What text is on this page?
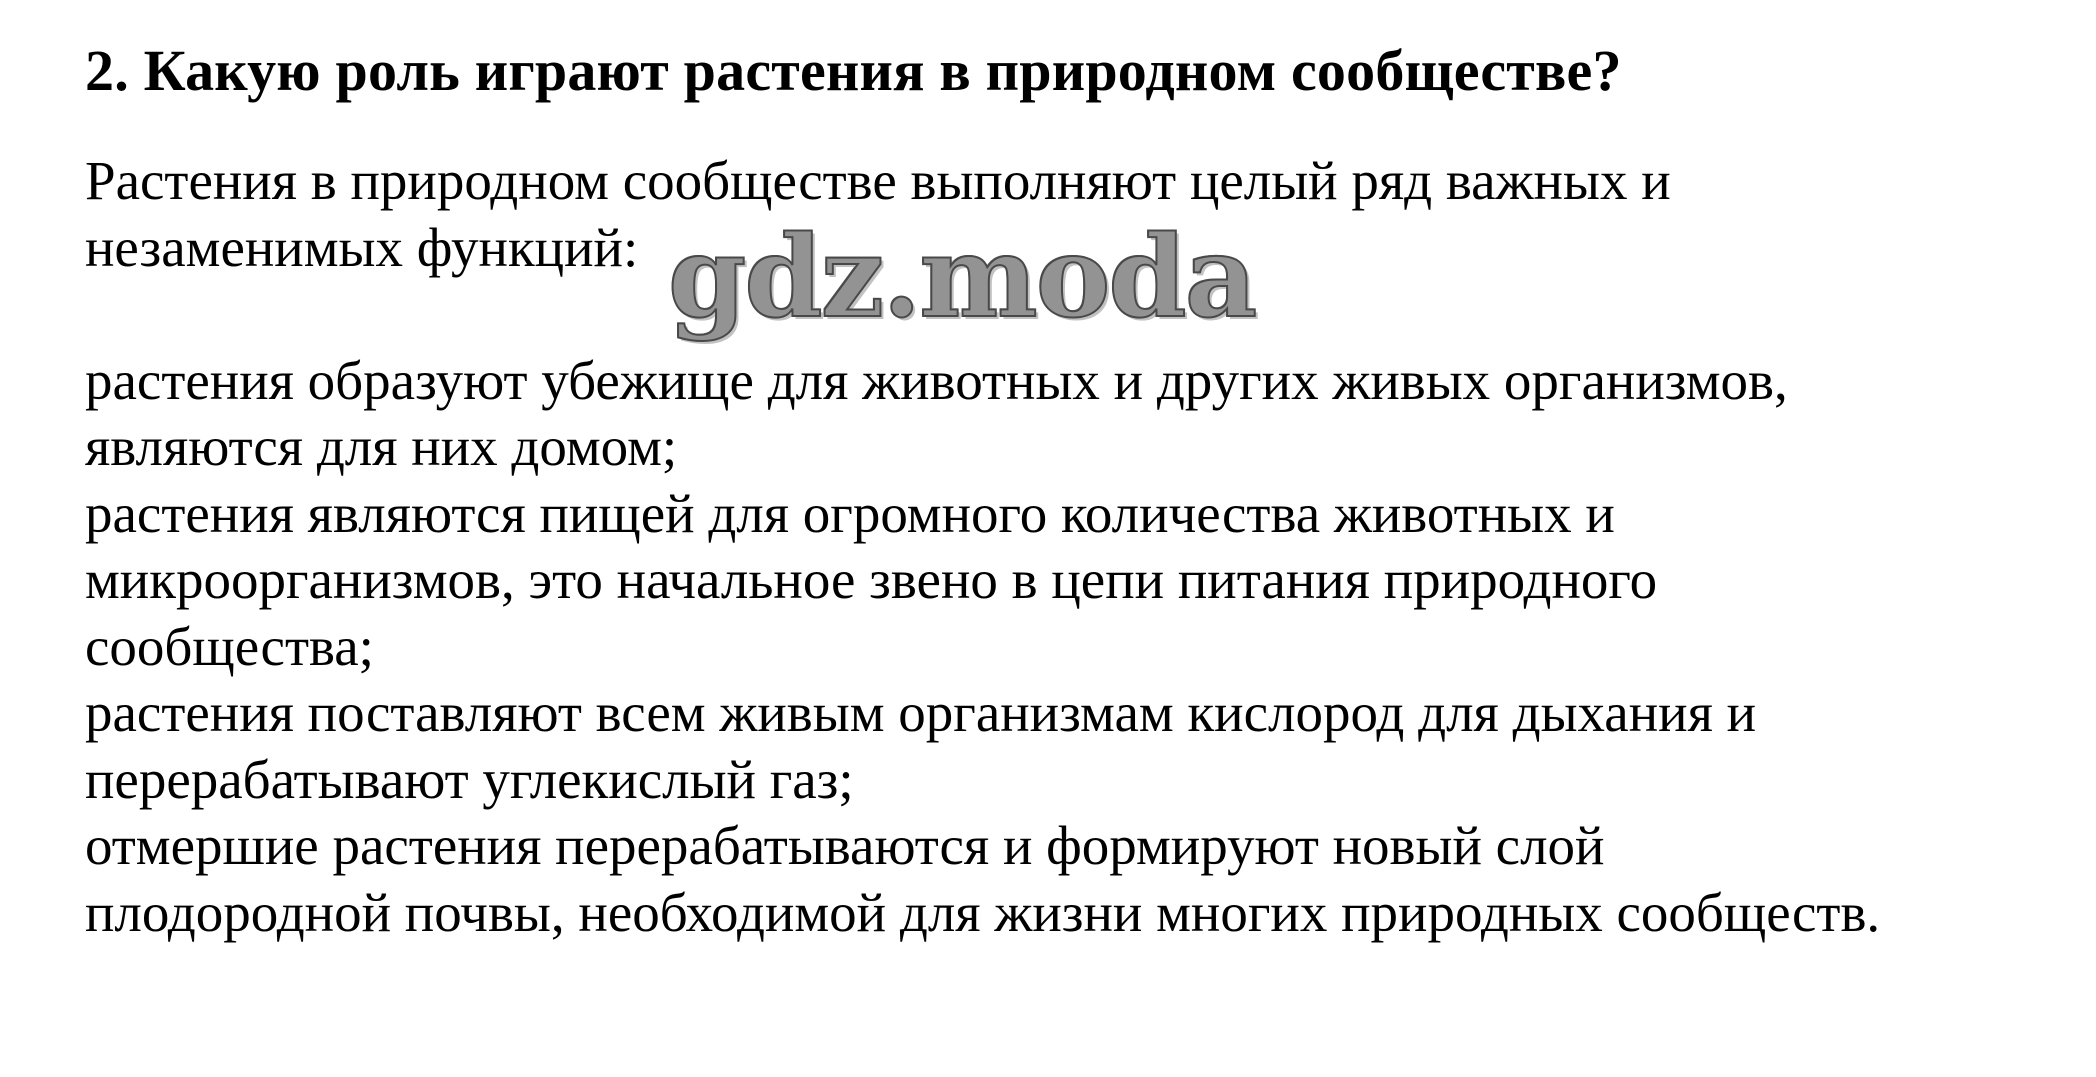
2. Какую роль играют растения в природном сообществе?
Растения в природном сообществе выполняют целый ряд важных и
незаменимых функций:
растения образуют убежище для животных и других живых организмов,
являются для них домом;
растения являются пищей для огромного количества животных и
микроорганизмов, это начальное звено в цепи питания природного
сообщества;
растения поставляют всем живым организмам кислород для дыхания и
перерабатывают углекислый газ;
отмершие растения перерабатываются и формируют новый слой
плодородной почвы, необходимой для жизни многих природных сообществ.
gdz.moda
